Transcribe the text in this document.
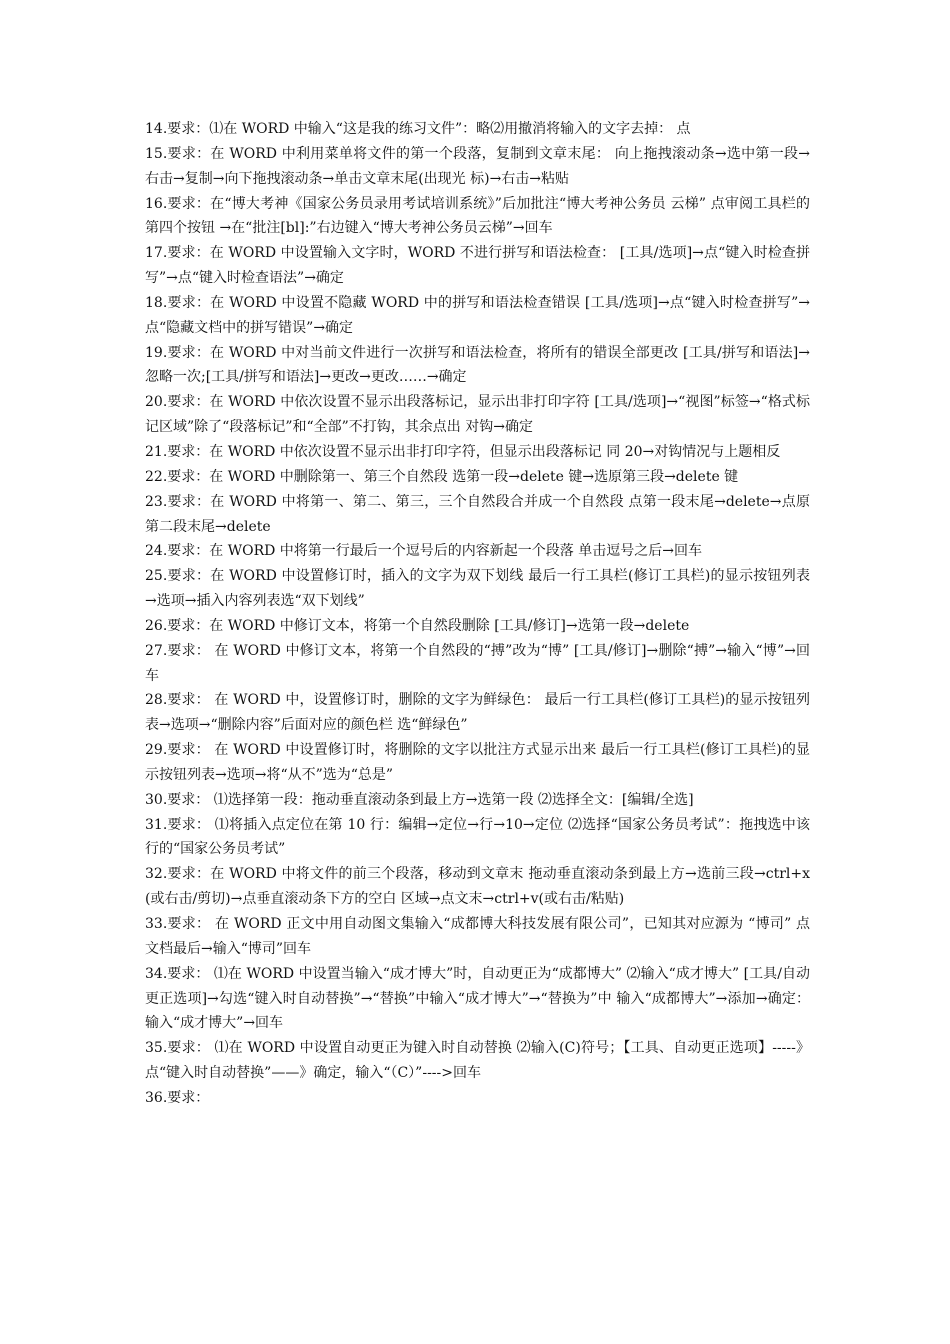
14.要求：⑴在 WORD 中输入“这是我的练习文件”：略⑵用撤消将输入的文字去掉： 点

15.要求：在 WORD 中利用菜单将文件的第一个段落，复制到文章末尾： 向上拖拽滚动条→选中第一段→右击→复制→向下拖拽滚动条→单击文章末尾(出现光 标)→右击→粘贴

16.要求：在“博大考神《国家公务员录用考试培训系统》”后加批注“博大考神公务员 云梯” 点审阅工具栏的第四个按钮 →在“批注[bl]:”右边键入“博大考神公务员云梯”→回车

17.要求：在 WORD 中设置输入文字时，WORD 不进行拼写和语法检查： [工具/选项]→点“键入时检查拼写”→点“键入时检查语法”→确定

18.要求：在 WORD 中设置不隐藏 WORD 中的拼写和语法检查错误 [工具/选项]→点“键入时检查拼写”→点“隐藏文档中的拼写错误”→确定

19.要求：在 WORD 中对当前文件进行一次拼写和语法检查，将所有的错误全部更改 [工具/拼写和语法]→忽略一次;[工具/拼写和语法]→更改→更改……→确定

20.要求：在 WORD 中依次设置不显示出段落标记，显示出非打印字符 [工具/选项]→“视图”标签→“格式标记区域”除了“段落标记”和“全部”不打钩，其余点出 对钩→确定

21.要求：在 WORD 中依次设置不显示出非打印字符，但显示出段落标记 同 20→对钩情况与上题相反

22.要求：在 WORD 中删除第一、第三个自然段 选第一段→delete 键→选原第三段→delete 键

23.要求：在 WORD 中将第一、第二、第三，三个自然段合并成一个自然段 点第一段末尾→delete→点原第二段末尾→delete

24.要求：在 WORD 中将第一行最后一个逗号后的内容新起一个段落 单击逗号之后→回车

25.要求：在 WORD 中设置修订时，插入的文字为双下划线 最后一行工具栏(修订工具栏)的显示按钮列表→选项→插入内容列表选“双下划线”

26.要求：在 WORD 中修订文本，将第一个自然段删除 [工具/修订]→选第一段→delete

27.要求： 在 WORD 中修订文本，将第一个自然段的“搏”改为“博” [工具/修订]→删除“搏”→输入“博”→回车

28.要求： 在 WORD 中，设置修订时，删除的文字为鲜绿色： 最后一行工具栏(修订工具栏)的显示按钮列表→选项→“删除内容”后面对应的颜色栏 选“鲜绿色”

29.要求： 在 WORD 中设置修订时，将删除的文字以批注方式显示出来 最后一行工具栏(修订工具栏)的显示按钮列表→选项→将“从不”选为“总是”

30.要求： ⑴选择第一段：拖动垂直滚动条到最上方→选第一段 ⑵选择全文：[编辑/全选]

31.要求： ⑴将插入点定位在第 10 行：编辑→定位→行→10→定位 ⑵选择“国家公务员考试”：拖拽选中该行的“国家公务员考试”

32.要求：在 WORD 中将文件的前三个段落，移动到文章末 拖动垂直滚动条到最上方→选前三段→ctrl+x(或右击/剪切)→点垂直滚动条下方的空白 区域→点文末→ctrl+v(或右击/粘贴)

33.要求： 在 WORD 正文中用自动图文集输入“成都博大科技发展有限公司”，已知其对应源为 “博司” 点文档最后→输入“博司”回车

34.要求： ⑴在 WORD 中设置当输入“成才博大”时，自动更正为“成都博大” ⑵输入“成才博大” [工具/自动更正选项]→勾选“键入时自动替换”→“替换”中输入“成才博大”→“替换为”中 输入“成都博大”→添加→确定：输入“成才博大”→回车

35.要求： ⑴在 WORD 中设置自动更正为键入时自动替换 ⑵输入(C)符号；【工具、自动更正选项】-----》点“键入时自动替换”——》确定，输入“（C）”---->回车

36.要求：
